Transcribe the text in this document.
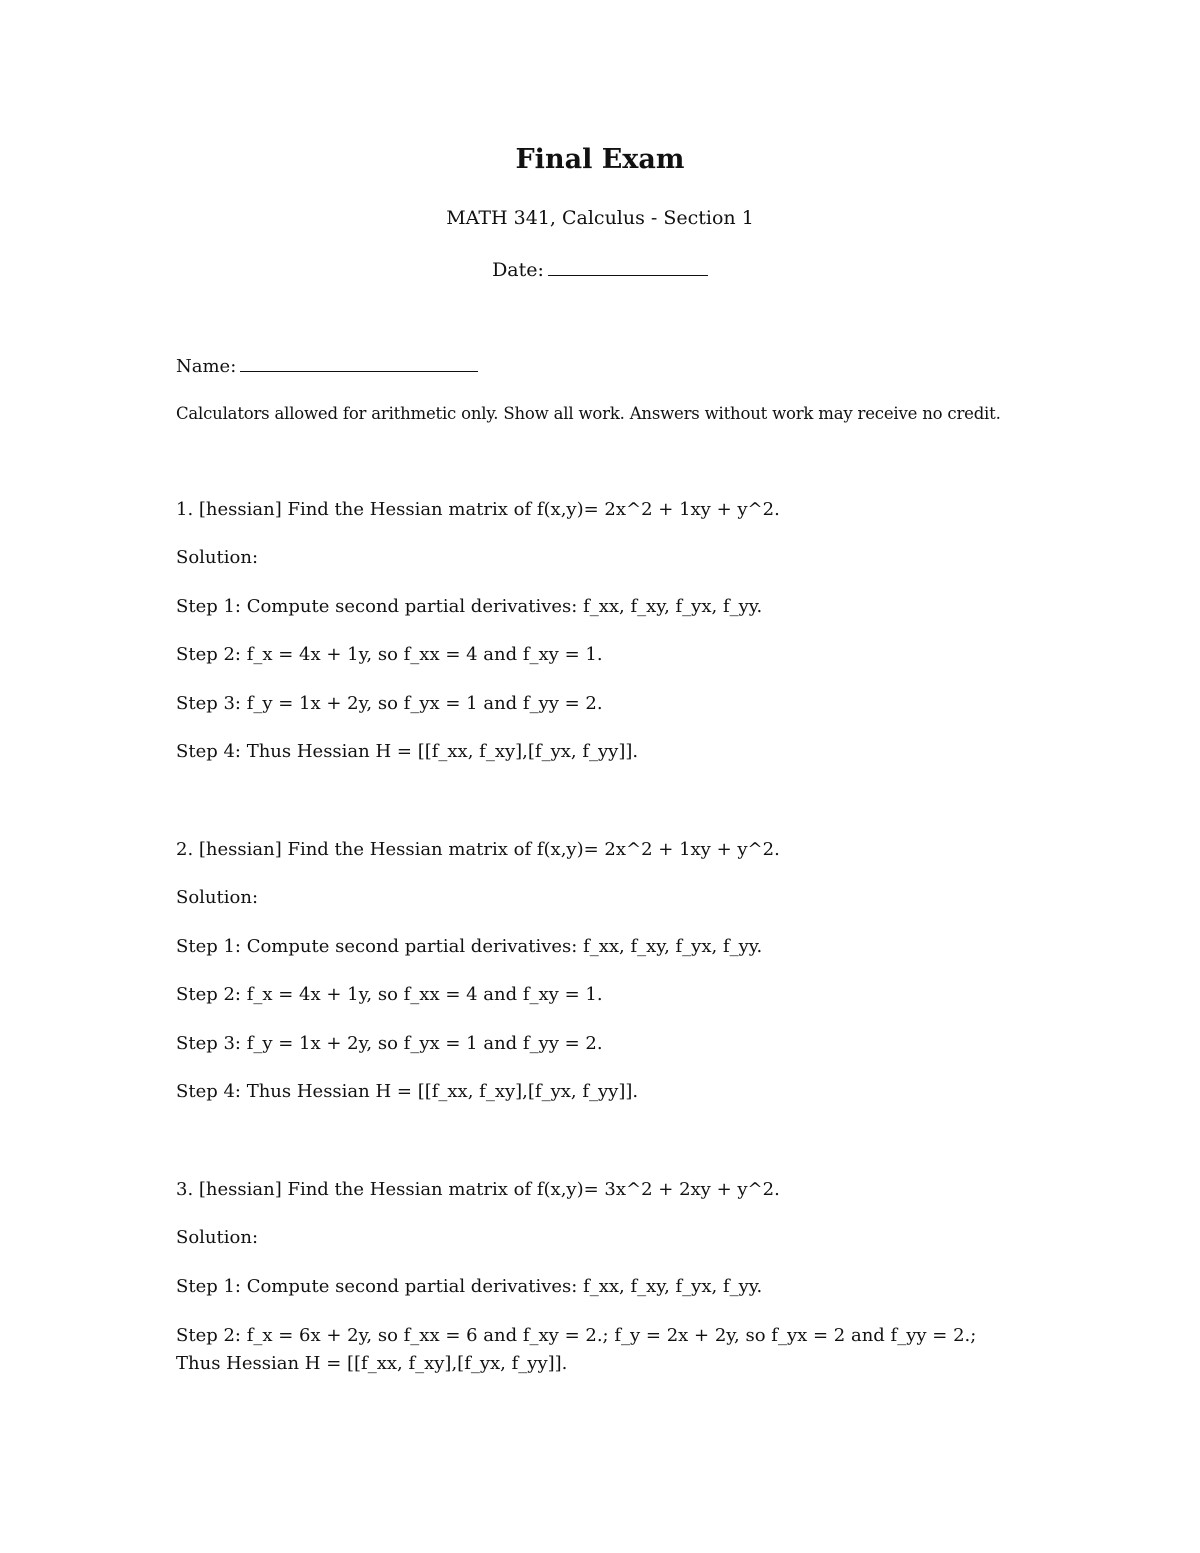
Final Exam
MATH 341, Calculus - Section 1
Date:
Name:
Calculators allowed for arithmetic only. Show all work. Answers without work may receive no credit.
1. [hessian] Find the Hessian matrix of f(x,y)= 2x^2 + 1xy + y^2.
Solution:
Step 1: Compute second partial derivatives: f_xx, f_xy, f_yx, f_yy.
Step 2: f_x = 4x + 1y, so f_xx = 4 and f_xy = 1.
Step 3: f_y = 1x + 2y, so f_yx = 1 and f_yy = 2.
Step 4: Thus Hessian H = [[f_xx, f_xy],[f_yx, f_yy]].
2. [hessian] Find the Hessian matrix of f(x,y)= 2x^2 + 1xy + y^2.
Solution:
Step 1: Compute second partial derivatives: f_xx, f_xy, f_yx, f_yy.
Step 2: f_x = 4x + 1y, so f_xx = 4 and f_xy = 1.
Step 3: f_y = 1x + 2y, so f_yx = 1 and f_yy = 2.
Step 4: Thus Hessian H = [[f_xx, f_xy],[f_yx, f_yy]].
3. [hessian] Find the Hessian matrix of f(x,y)= 3x^2 + 2xy + y^2.
Solution:
Step 1: Compute second partial derivatives: f_xx, f_xy, f_yx, f_yy.
Step 2: f_x = 6x + 2y, so f_xx = 6 and f_xy = 2.; f_y = 2x + 2y, so f_yx = 2 and f_yy = 2.; Thus Hessian H = [[f_xx, f_xy],[f_yx, f_yy]].
